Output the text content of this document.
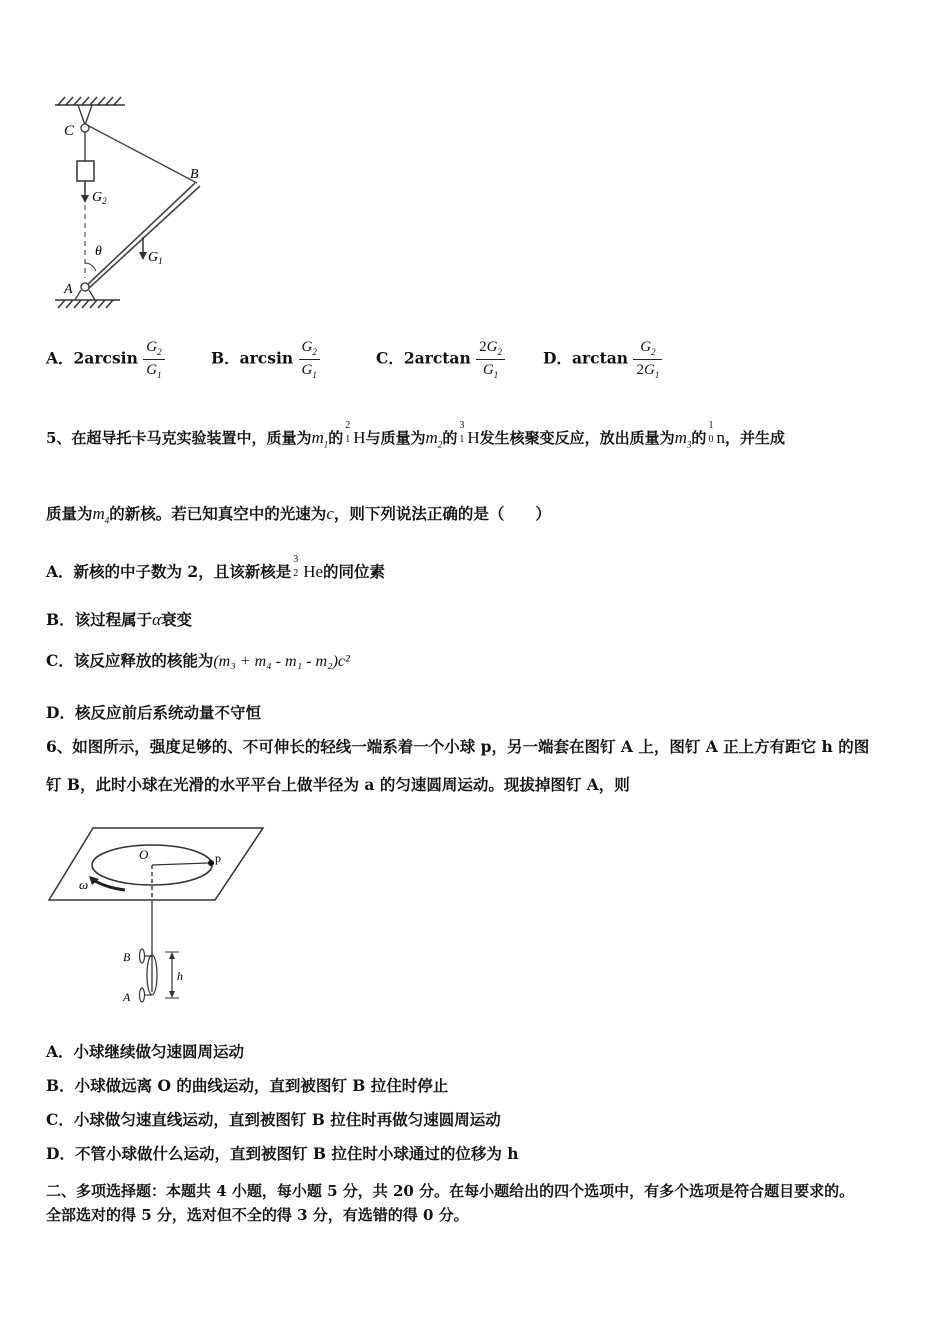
C
B
A
$G_2$
$G_1$
θ
A．$2\arcsin \frac{G_2}{G_1}$	B．$\arcsin \frac{G_2}{G_1}$	C．$2\arctan \frac{2G_2}{G_1}$ D．$\arctan \frac{G_2}{2G_1}$
5、在超导托卡马克实验装置中，质量为$m_1$的
2
1 H与质量为$m_2$的
3
1 H发生核聚变反应，放出质量为$m_3$的
1
0 n，并生成
质量为$m_4$的新核。若已知真空中的光速为c，则下列说法正确的是（　　）
A．新核的中子数为 2，且该新核是
3
2 He的同位素
B．该过程属于α衰变
C．该反应释放的核能为(m₃ + m₄ - m₁ - m₂)c²
D．核反应前后系统动量不守恒
6、如图所示，强度足够的、不可伸长的轻线一端系着一个小球 p，另一端套在图钉 A 上，图钉 A 正上方有距它 h 的图
钉 B，此时小球在光滑的水平平台上做半径为 a 的匀速圆周运动。现拔掉图钉 A，则
O	p
ω
B
A
h
A．小球继续做匀速圆周运动
B．小球做远离 O 的曲线运动，直到被图钉 B 拉住时停止
C．小球做匀速直线运动，直到被图钉 B 拉住时再做匀速圆周运动
D．不管小球做什么运动，直到被图钉 B 拉住时小球通过的位移为 h
二、多项选择题：本题共 4 小题，每小题 5 分，共 20 分。在每小题给出的四个选项中，有多个选项是符合题目要求的。
全部选对的得 5 分，选对但不全的得 3 分，有选错的得 0 分。
